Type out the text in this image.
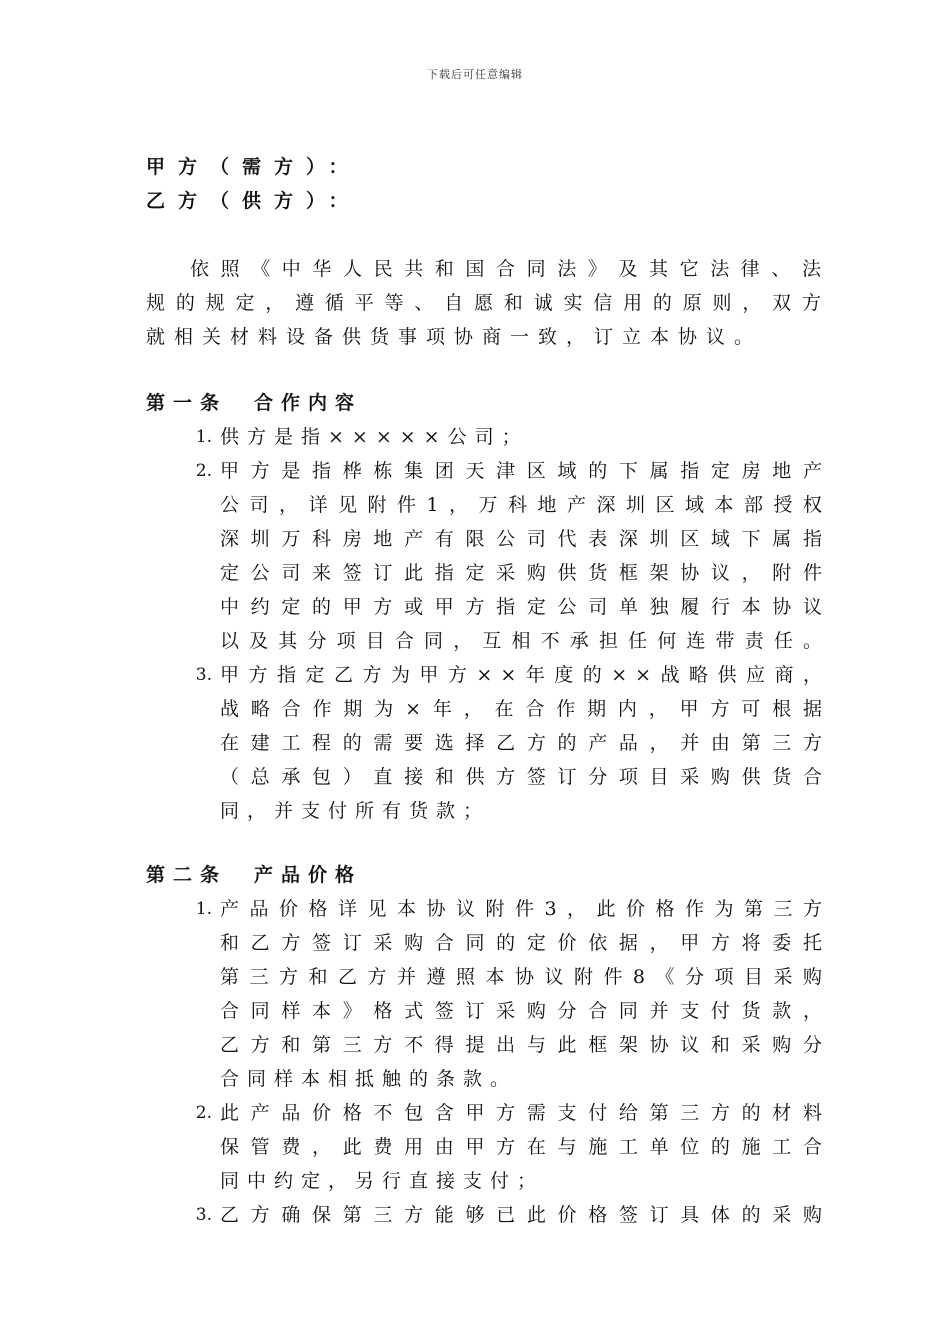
下载后可任意编辑
甲方（需方）：
乙方（供方）：
依照《中华人民共和国合同法》及其它法律、法
规的规定，遵循平等、自愿和诚实信用的原则，双方
就相关材料设备供货事项协商一致，订立本协议。
第一条　合作内容
1. 供方是指×××××公司；
2. 甲方是指桦栋集团天津区域的下属指定房地产
公司，详见附件1，万科地产深圳区域本部授权
深圳万科房地产有限公司代表深圳区域下属指
定公司来签订此指定采购供货框架协议，附件
中约定的甲方或甲方指定公司单独履行本协议
以及其分项目合同，互相不承担任何连带责任。
3. 甲方指定乙方为甲方××年度的××战略供应商，
战略合作期为×年，在合作期内，甲方可根据
在建工程的需要选择乙方的产品，并由第三方
（总承包）直接和供方签订分项目采购供货合
同，并支付所有货款；
第二条　产品价格
1. 产品价格详见本协议附件3，此价格作为第三方
和乙方签订采购合同的定价依据，甲方将委托
第三方和乙方并遵照本协议附件8《分项目采购
合同样本》格式签订采购分合同并支付货款，
乙方和第三方不得提出与此框架协议和采购分
合同样本相抵触的条款。
2. 此产品价格不包含甲方需支付给第三方的材料
保管费，此费用由甲方在与施工单位的施工合
同中约定，另行直接支付；
3. 乙方确保第三方能够已此价格签订具体的采购
